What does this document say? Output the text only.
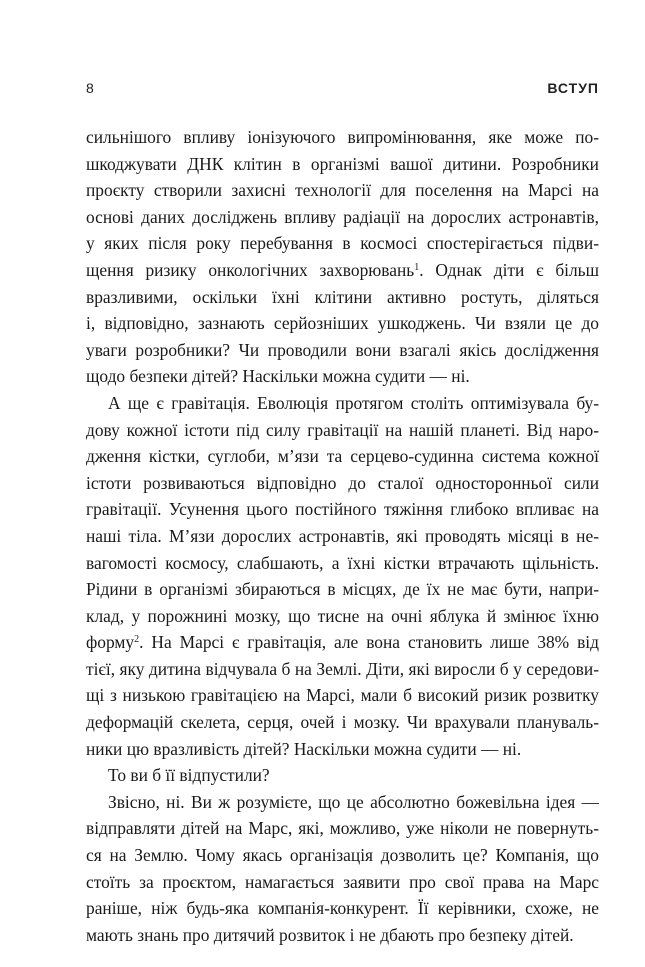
8	ВСТУП
сильнішого впливу іонізуючого випромінювання, яке може по-
шкоджувати ДНК клітин в організмі вашої дитини. Розробники
проєкту створили захисні технології для поселення на Марсі на
основі даних досліджень впливу радіації на дорослих астронавтів,
у яких після року перебування в космосі спостерігається підви-
щення ризику онкологічних захворювань$^1$. Однак діти є більш
вразливими, оскільки їхні клітини активно ростуть, діляться
і, відповідно, зазнають серйозніших ушкоджень. Чи взяли це до
уваги розробники? Чи проводили вони взагалі якісь дослідження
щодо безпеки дітей? Наскільки можна судити — ні.
А ще є гравітація. Еволюція протягом століть оптимізувала бу-
дову кожної істоти під силу гравітації на нашій планеті. Від наро-
дження кістки, суглоби, м’язи та серцево-судинна система кожної
істоти розвиваються відповідно до сталої односторонньої сили
гравітації. Усунення цього постійного тяжіння глибоко впливає на
наші тіла. М’язи дорослих астронавтів, які проводять місяці в не-
вагомості космосу, слабшають, а їхні кістки втрачають щільність.
Рідини в організмі збираються в місцях, де їх не має бути, напри-
клад, у порожнині мозку, що тисне на очні яблука й змінює їхню
форму$^2$. На Марсі є гравітація, але вона становить лише 38% від
тієї, яку дитина відчувала б на Землі. Діти, які виросли б у середови-
щі з низькою гравітацією на Марсі, мали б високий ризик розвитку
деформацій скелета, серця, очей і мозку. Чи врахували плануваль-
ники цю вразливість дітей? Наскільки можна судити — ні.
То ви б її відпустили?
Звісно, ні. Ви ж розумієте, що це абсолютно божевільна ідея —
відправляти дітей на Марс, які, можливо, уже ніколи не повернуть-
ся на Землю. Чому якась організація дозволить це? Компанія, що
стоїть за проєктом, намагається заявити про свої права на Марс
раніше, ніж будь-яка компанія-конкурент. Її керівники, схоже, не
мають знань про дитячий розвиток і не дбають про безпеку дітей.
